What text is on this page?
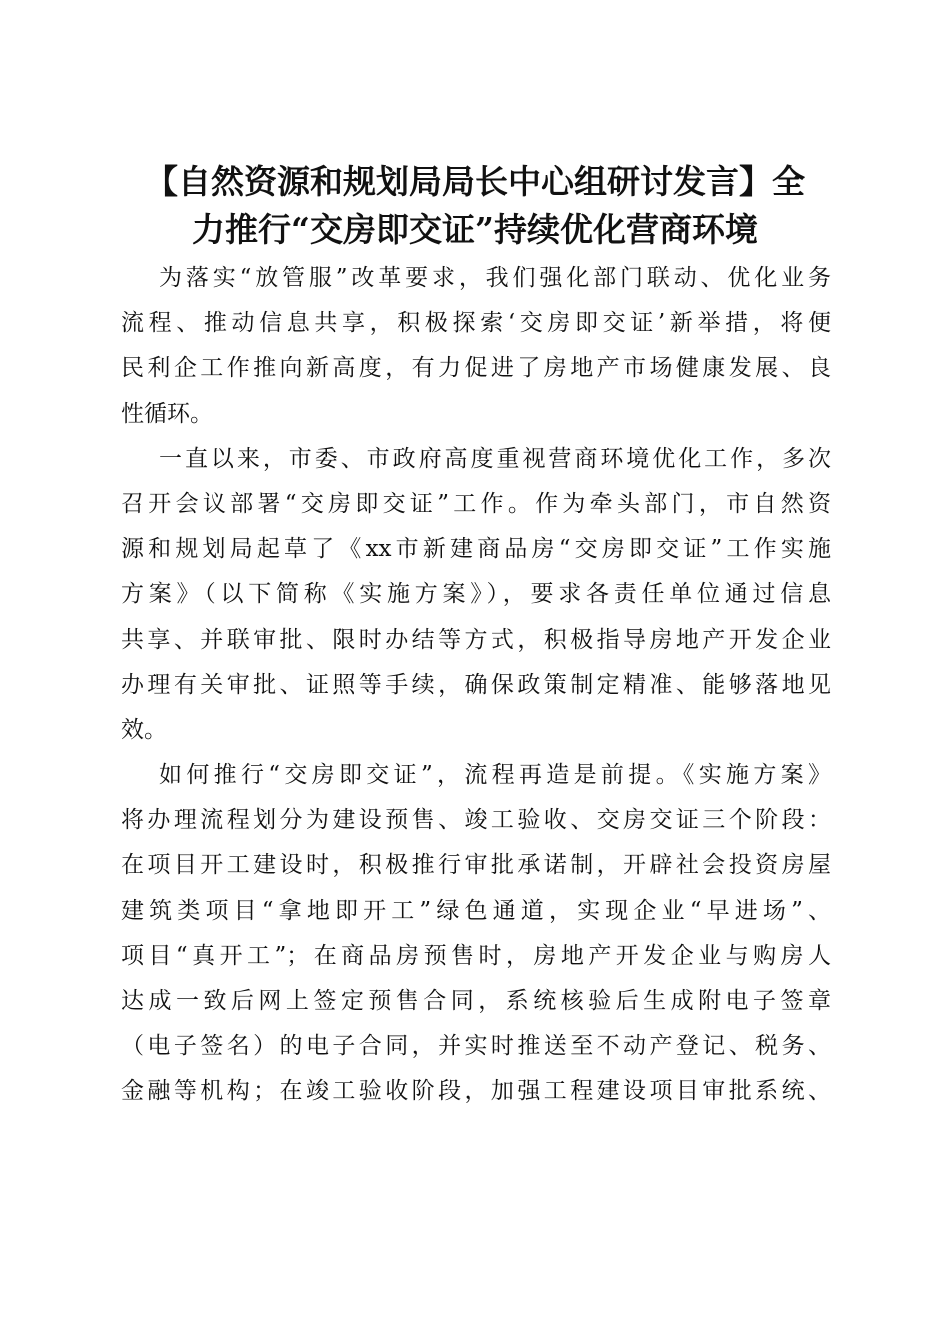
【自然资源和规划局局长中心组研讨发言】全
力推行“交房即交证”持续优化营商环境

为落实“放管服”改革要求，我们强化部门联动、优化业务
流程、推动信息共享，积极探索‘交房即交证’新举措，将便
民利企工作推向新高度，有力促进了房地产市场健康发展、良
性循环。

一直以来，市委、市政府高度重视营商环境优化工作，多次
召开会议部署“交房即交证”工作。作为牵头部门，市自然资
源和规划局起草了《xx市新建商品房“交房即交证”工作实施
方案》（以下简称《实施方案》），要求各责任单位通过信息
共享、并联审批、限时办结等方式，积极指导房地产开发企业
办理有关审批、证照等手续，确保政策制定精准、能够落地见
效。

如何推行“交房即交证”，流程再造是前提。《实施方案》
将办理流程划分为建设预售、竣工验收、交房交证三个阶段：
在项目开工建设时，积极推行审批承诺制，开辟社会投资房屋
建筑类项目“拿地即开工”绿色通道，实现企业“早进场”、
项目“真开工”；在商品房预售时，房地产开发企业与购房人
达成一致后网上签定预售合同，系统核验后生成附电子签章
（电子签名）的电子合同，并实时推送至不动产登记、税务、
金融等机构；在竣工验收阶段，加强工程建设项目审批系统、
